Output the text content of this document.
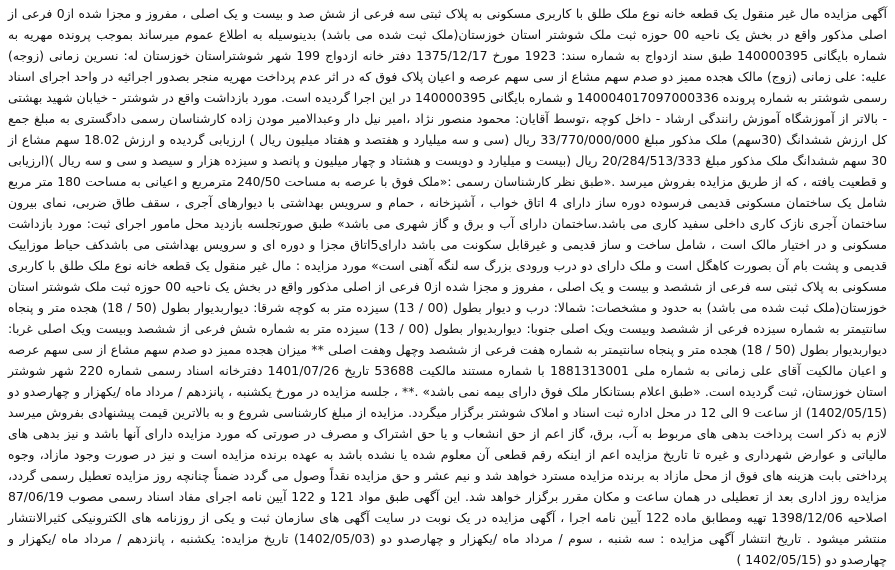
آگهی مزایده مال غیر منقول یک قطعه خانه نوع ملک طلق با کاربری مسکونی به پلاک ثبتی سه فرعی از شش صد و بیست و یک اصلی ، مفروز و مجزا شده از0 فرعی از اصلی مذکور واقع در بخش یک ناحیه 00 حوزه ثبت ملک شوشتر استان خوزستان(ملک ثبت شده می باشد) بدینوسیله به اطلاع عموم میرساند بموجب پرونده مهریه به شماره بایگانی 140000395 طبق سند ازدواج به شماره سند: 1923 مورخ 1375/12/17 دفتر خانه ازدواج 199 شهر شوشتراستان خوزستان له: نسرین زمانی (زوجه) علیه: علی زمانی (زوج) مالک هجده ممیز دو صدم سهم مشاع از سی سهم عرصه و اعیان پلاک فوق که در اثر عدم پرداخت مهریه منجر بصدور اجرائیه در واحد اجرای اسناد رسمی شوشتر به شماره پرونده 140004017097000336 و شماره بایگانی 140000395 در این اجرا گردیده است. مورد بازداشت واقع در شوشتر - خیابان شهید بهشتی - بالاتر از آموزشگاه آموزش رانندگی ارشاد - داخل کوچه ،توسط آقایان: محمود منصور نژاد ،امیر نیل دار وعبدالامیر مودن زاده کارشناسان رسمی دادگستری به مبلغ جمع کل ارزش ششدانگ (30سهم) ملک مذکور مبلغ 33/770/000/000 ریال (سی و سه میلیارد و هفتصد و هفتاد میلیون ریال ) ارزیابی گردیده و ارزش 18.02 سهم مشاع از 30 سهم ششدانگ ملک مذکور مبلغ 20/284/513/333 ریال (بیست و میلیارد و دویست و هشتاد و چهار میلیون و پانصد و سیزده هزار و سیصد و سی و سه ریال )(ارزیابی و قطعیت یافته ، که از طریق مزایده بفروش میرسد .«طبق نظر کارشناسان رسمی :«ملک فوق با عرصه به مساحت 240/50 مترمربع و اعیانی به مساحت 180 متر مربع شامل یک ساختمان مسکونی قدیمی فرسوده دوره ساز دارای 4 اتاق خواب ، آشپزخانه ، حمام و سرویس بهداشتی با دیوارهای آجری ، سقف طاق ضربی، نمای بیرون ساختمان آجری نازک کاری داخلی سفید کاری می باشد.ساختمان دارای آب و برق و گاز شهری می باشد» طبق صورتجلسه بازدید محل مامور اجرای ثبت: مورد بازداشت مسکونی و در اختیار مالک است ، شامل ساخت و ساز قدیمی و غیرقابل سکونت می باشد دارای5اتاق مجزا و دوره ای و سرویس بهداشتی می باشدکف حیاط موزاییک قدیمی و پشت بام آن بصورت کاهگل است و ملک دارای دو درب ورودی بزرگ سه لنگه آهنی است» مورد مزایده : مال غیر منقول یک قطعه خانه نوع ملک طلق با کاربری مسکونی به پلاک ثبتی سه فرعی از ششصد و بیست و یک اصلی ، مفروز و مجزا شده از0 فرعی از اصلی مذکور واقع در بخش یک ناحیه 00 حوزه ثبت ملک شوشتر استان خوزستان(ملک ثبت شده می باشد) به حدود و مشخصات: شمالا: درب و دیوار بطول (00 / 13) سیزده متر به کوچه شرقا: دیواربدیوار بطول (50 / 18) هجده متر و پنجاه سانتیمتر به شماره سیزده فرعی از ششصد وبیست ویک اصلی جنوبا: دیواربدیوار بطول (00 / 13) سیزده متر به شماره شش فرعی از ششصد وبیست ویک اصلی غربا: دیواربدیوار بطول (50 / 18) هجده متر و پنجاه سانتیمتر به شماره هفت فرعی از ششصد وچهل وهفت اصلی ** میزان هجده ممیز دو صدم سهم مشاع از سی سهم عرصه و اعیان مالکیت آقای علی زمانی به شماره ملی 1881313001 با شماره مستند مالکیت 53688 تاریخ 1401/07/26 دفترخانه اسناد رسمی شماره 220 شهر شوشتر استان خوزستان، ثبت گردیده است. «طبق اعلام بستانکار ملک فوق دارای بیمه نمی باشد» .** ، جلسه مزایده در مورخ یکشنبه ، پانزدهم / مرداد ماه /یکهزار و چهارصدو دو (1402/05/15) از ساعت 9 الی 12 در محل اداره ثبت اسناد و املاک شوشتر برگزار میگردد. مزایده از مبلغ کارشناسی شروع و به بالاترین قیمت پیشنهادی بفروش میرسد لازم به ذکر است پرداخت بدهی های مربوط به آب، برق، گاز اعم از حق انشعاب و یا حق اشتراک و مصرف در صورتی که مورد مزایده دارای آنها باشد و نیز بدهی های مالیاتی و عوارض شهرداری و غیره تا تاریخ مزایده اعم از اینکه رقم قطعی آن معلوم شده یا نشده باشد به عهده برنده مزایده است و نیز در صورت وجود مازاد، وجوه پرداختی بابت هزینه های فوق از محل مازاد به برنده مزایده مسترد خواهد شد و نیم عشر و حق مزایده نقداً وصول می گردد ضمناً چنانچه روز مزایده تعطیل رسمی گردد، مزایده روز اداری بعد از تعطیلی در همان ساعت و مکان مقرر برگزار خواهد شد. این آگهی طبق مواد 121 و 122 آیین نامه اجرای مفاد اسناد رسمی مصوب 87/06/19 اصلاحیه 1398/12/06 تهیه ومطابق ماده 122 آیین نامه اجرا ، آگهی مزایده در یک نوبت در سایت آگهی های سازمان ثبت و یکی از روزنامه های الکترونیکی کثیرالانتشار منتشر میشود . تاریخ انتشار آگهی مزایده : سه شنبه ، سوم / مرداد ماه /یکهزار و چهارصدو دو (1402/05/03) تاریخ مزایده: یکشنبه ، پانزدهم / مرداد ماه /یکهزار و چهارصدو دو (1402/05/15 )
